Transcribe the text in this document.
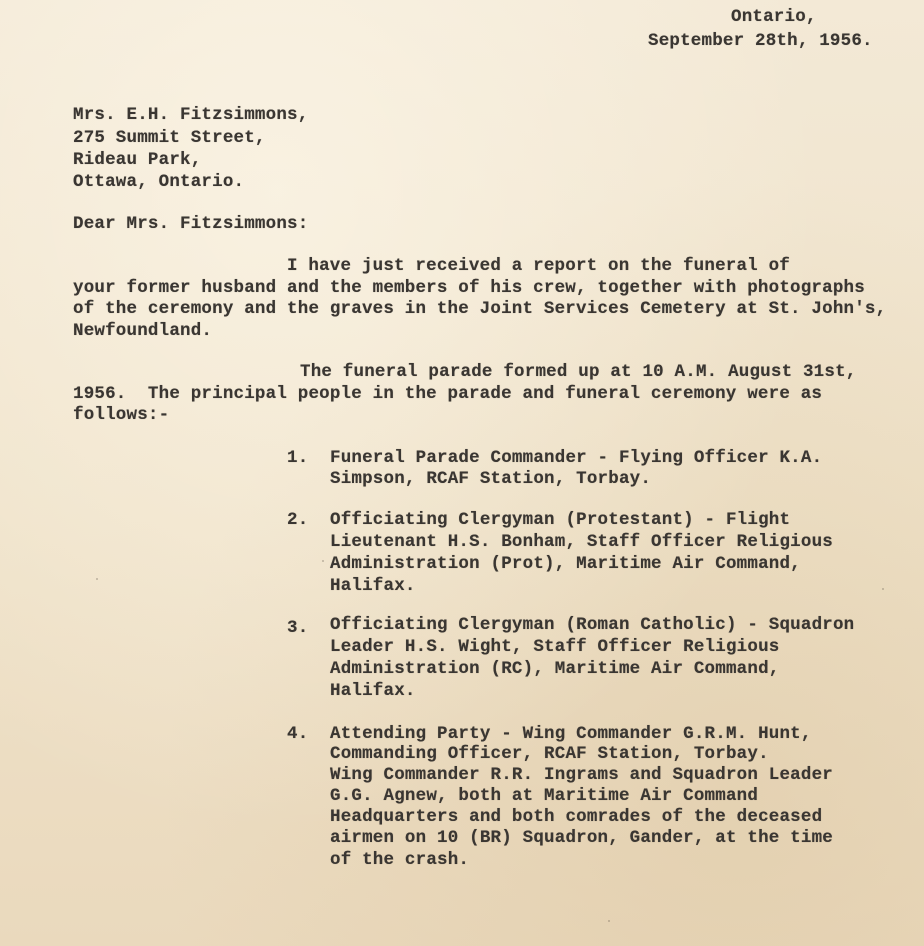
Ontario,
September 28th, 1956.
Mrs. E.H. Fitzsimmons,
275 Summit Street,
Rideau Park,
Ottawa, Ontario.
Dear Mrs. Fitzsimmons:
I have just received a report on the funeral of
your former husband and the members of his crew, together with photographs
of the ceremony and the graves in the Joint Services Cemetery at St. John's,
Newfoundland.
The funeral parade formed up at 10 A.M. August 31st,
1956.  The principal people in the parade and funeral ceremony were as
follows:-
1. Funeral Parade Commander - Flying Officer K.A.
Simpson, RCAF Station, Torbay.
2. Officiating Clergyman (Protestant) - Flight
Lieutenant H.S. Bonham, Staff Officer Religious
Administration (Prot), Maritime Air Command,
Halifax.
3. Officiating Clergyman (Roman Catholic) - Squadron
Leader H.S. Wight, Staff Officer Religious
Administration (RC), Maritime Air Command,
Halifax.
4. Attending Party - Wing Commander G.R.M. Hunt,
Commanding Officer, RCAF Station, Torbay.
Wing Commander R.R. Ingrams and Squadron Leader
G.G. Agnew, both at Maritime Air Command
Headquarters and both comrades of the deceased
airmen on 10 (BR) Squadron, Gander, at the time
of the crash.
